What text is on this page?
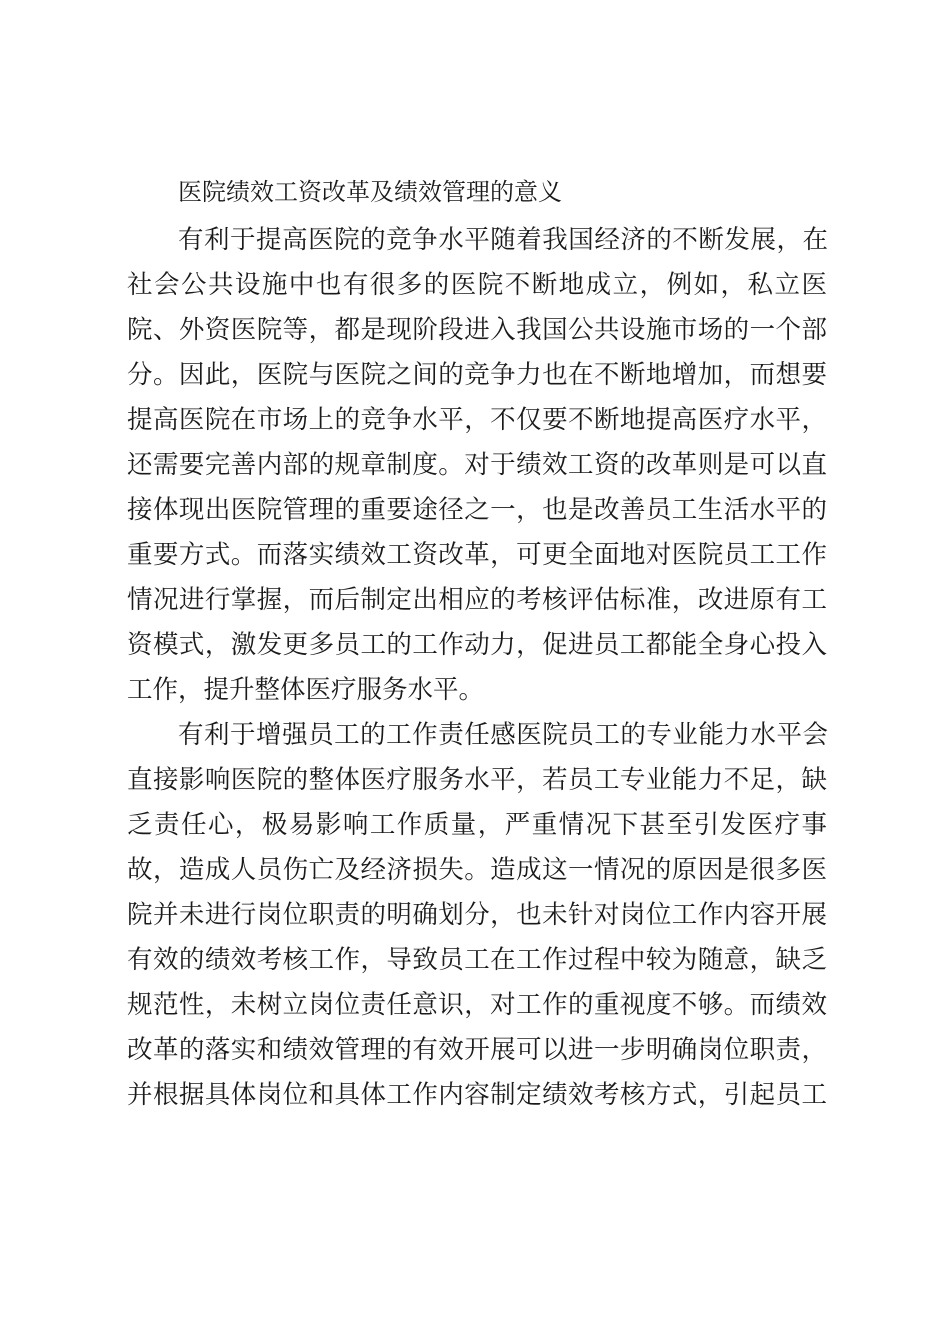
医院绩效工资改革及绩效管理的意义
有利于提高医院的竞争水平随着我国经济的不断发展，在
社会公共设施中也有很多的医院不断地成立，例如，私立医
院、外资医院等，都是现阶段进入我国公共设施市场的一个部
分。因此，医院与医院之间的竞争力也在不断地增加，而想要
提高医院在市场上的竞争水平，不仅要不断地提高医疗水平，
还需要完善内部的规章制度。对于绩效工资的改革则是可以直
接体现出医院管理的重要途径之一，也是改善员工生活水平的
重要方式。而落实绩效工资改革，可更全面地对医院员工工作
情况进行掌握，而后制定出相应的考核评估标准，改进原有工
资模式，激发更多员工的工作动力，促进员工都能全身心投入
工作，提升整体医疗服务水平。
有利于增强员工的工作责任感医院员工的专业能力水平会
直接影响医院的整体医疗服务水平，若员工专业能力不足，缺
乏责任心，极易影响工作质量，严重情况下甚至引发医疗事
故，造成人员伤亡及经济损失。造成这一情况的原因是很多医
院并未进行岗位职责的明确划分，也未针对岗位工作内容开展
有效的绩效考核工作，导致员工在工作过程中较为随意，缺乏
规范性，未树立岗位责任意识，对工作的重视度不够。而绩效
改革的落实和绩效管理的有效开展可以进一步明确岗位职责，
并根据具体岗位和具体工作内容制定绩效考核方式，引起员工
